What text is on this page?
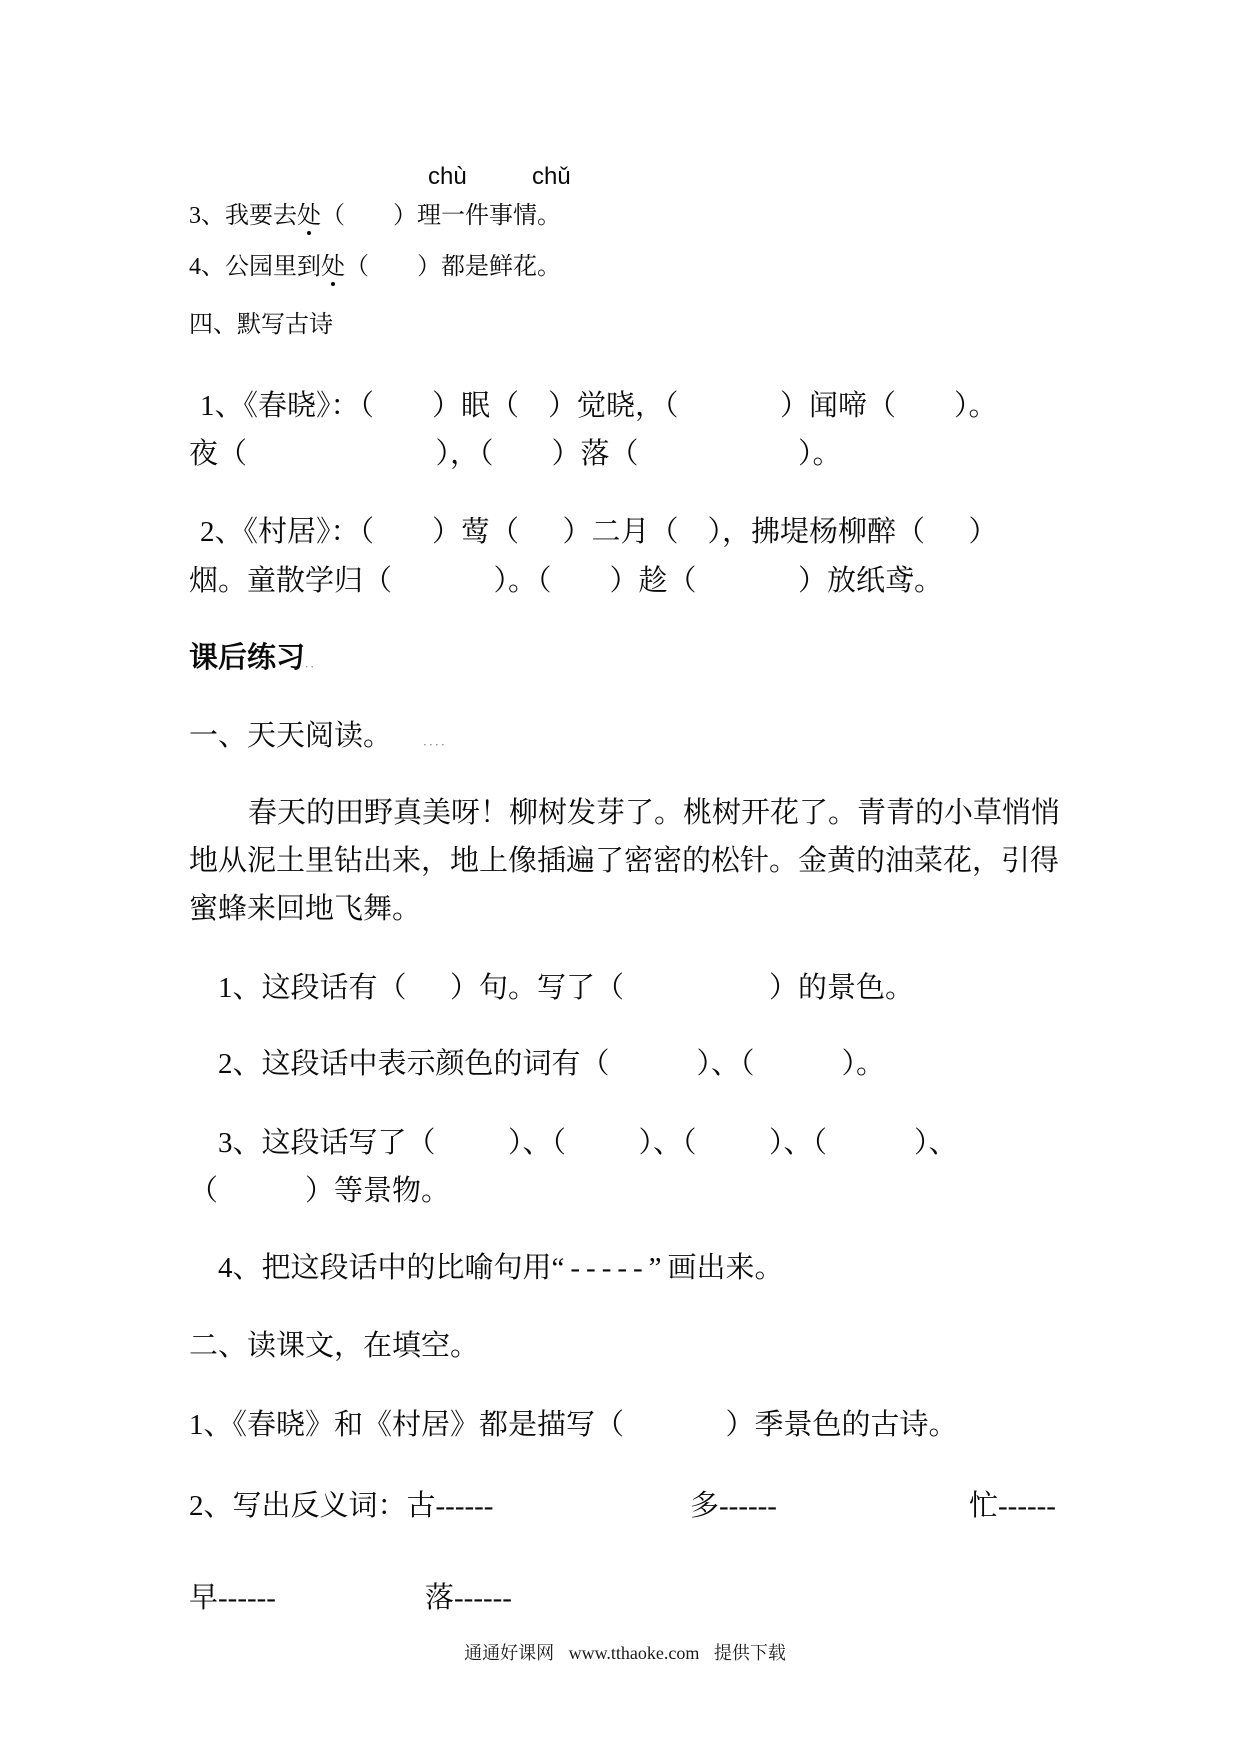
chù	chǔ
3、我要去处（　　）理一件事情。
4、公园里到处（　　）都是鲜花。
四、默写古诗
1、《春晓》：（　　）眠（　）觉晓，（　　　 ）闻啼（　　）。
夜（　　　　　　 ），（　　）落（　　　　　 ）。
2、《村居》：（　　）莺（　 ）二月（　），拂堤杨柳醉（　 ）
烟。童散学归（　　　 ）。（　　）趁（　　　 ）放纸鸢。
课后练习．．
一、天天阅读。	．．．．
春天的田野真美呀！柳树发芽了。桃树开花了。青青的小草悄悄
地从泥土里钻出来，地上像插遍了密密的松针。金黄的油菜花，引得
蜜蜂来回地飞舞。
1、这段话有（　 ）句。写了（　　　　　）的景色。
2、这段话中表示颜色的词有（　　　）、（　　　）。
3、这段话写了（　　 ）、（　　 ）、（　　 ）、（　　　）、
（　　　）等景物。
4、把这段话中的比喻句用“-----”画出来。
二、读课文，在填空。
1、《春晓》和《村居》都是描写（　　　 ）季景色的古诗。
2、写出反义词：古------	多------	忙------
早------	落------
通通好课网 www.tthaoke.com 提供下载
